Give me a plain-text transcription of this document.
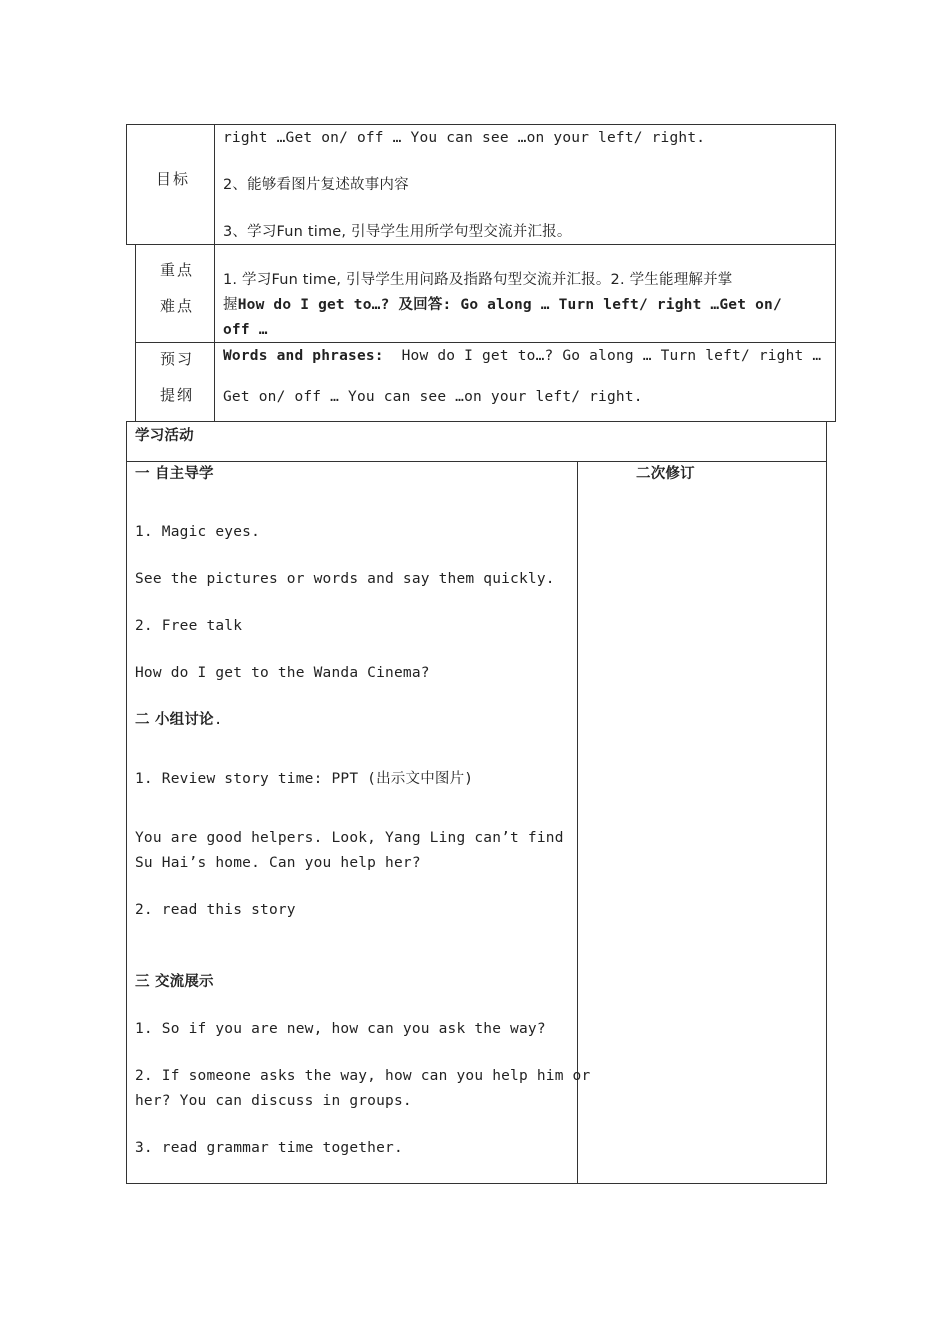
目标
right …Get on/ off … You can see …on your left/ right.
2、能够看图片复述故事内容
3、学习Fun time, 引导学生用所学句型交流并汇报。
重点
难点
1. 学习Fun time, 引导学生用问路及指路句型交流并汇报。2. 学生能理解并掌
握How do I get to…? 及回答: Go along … Turn left/ right …Get on/
off …
预习
提纲
Words and phrases: How do I get to…? Go along … Turn left/ right …
Get on/ off … You can see …on your left/ right.
学习活动
二次修订
一 自主导学
1. Magic eyes.
See the pictures or words and say them quickly.
2. Free talk
How do I get to the Wanda Cinema?
二 小组讨论.
1. Review story time: PPT (出示文中图片)
You are good helpers. Look, Yang Ling can’t find
Su Hai’s home. Can you help her?
2. read this story
三 交流展示
1. So if you are new, how can you ask the way?
2. If someone asks the way, how can you help him or
her? You can discuss in groups.
3. read grammar time together.
